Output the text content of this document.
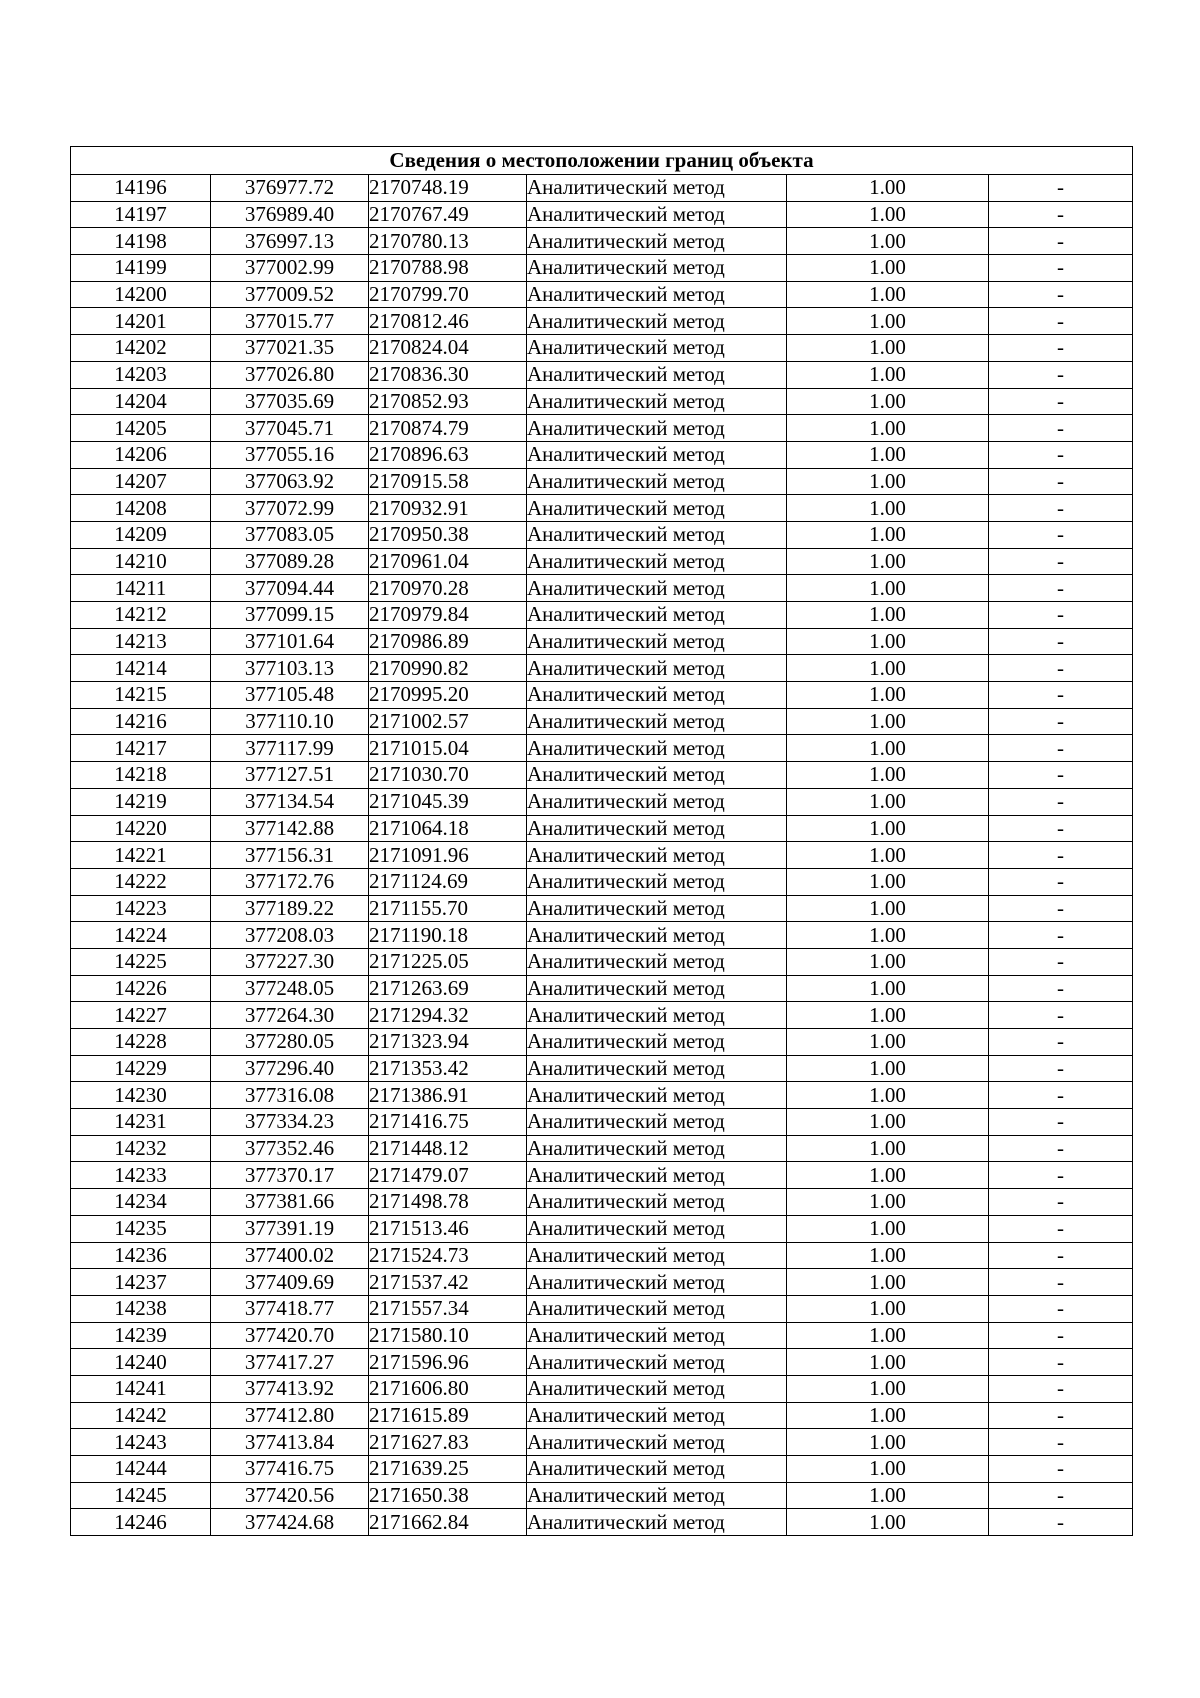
Сведения о местоположении границ объекта					
14196	376977.72	2170748.19	Аналитический метод	1.00	-
14197	376989.40	2170767.49	Аналитический метод	1.00	-
14198	376997.13	2170780.13	Аналитический метод	1.00	-
14199	377002.99	2170788.98	Аналитический метод	1.00	-
14200	377009.52	2170799.70	Аналитический метод	1.00	-
14201	377015.77	2170812.46	Аналитический метод	1.00	-
14202	377021.35	2170824.04	Аналитический метод	1.00	-
14203	377026.80	2170836.30	Аналитический метод	1.00	-
14204	377035.69	2170852.93	Аналитический метод	1.00	-
14205	377045.71	2170874.79	Аналитический метод	1.00	-
14206	377055.16	2170896.63	Аналитический метод	1.00	-
14207	377063.92	2170915.58	Аналитический метод	1.00	-
14208	377072.99	2170932.91	Аналитический метод	1.00	-
14209	377083.05	2170950.38	Аналитический метод	1.00	-
14210	377089.28	2170961.04	Аналитический метод	1.00	-
14211	377094.44	2170970.28	Аналитический метод	1.00	-
14212	377099.15	2170979.84	Аналитический метод	1.00	-
14213	377101.64	2170986.89	Аналитический метод	1.00	-
14214	377103.13	2170990.82	Аналитический метод	1.00	-
14215	377105.48	2170995.20	Аналитический метод	1.00	-
14216	377110.10	2171002.57	Аналитический метод	1.00	-
14217	377117.99	2171015.04	Аналитический метод	1.00	-
14218	377127.51	2171030.70	Аналитический метод	1.00	-
14219	377134.54	2171045.39	Аналитический метод	1.00	-
14220	377142.88	2171064.18	Аналитический метод	1.00	-
14221	377156.31	2171091.96	Аналитический метод	1.00	-
14222	377172.76	2171124.69	Аналитический метод	1.00	-
14223	377189.22	2171155.70	Аналитический метод	1.00	-
14224	377208.03	2171190.18	Аналитический метод	1.00	-
14225	377227.30	2171225.05	Аналитический метод	1.00	-
14226	377248.05	2171263.69	Аналитический метод	1.00	-
14227	377264.30	2171294.32	Аналитический метод	1.00	-
14228	377280.05	2171323.94	Аналитический метод	1.00	-
14229	377296.40	2171353.42	Аналитический метод	1.00	-
14230	377316.08	2171386.91	Аналитический метод	1.00	-
14231	377334.23	2171416.75	Аналитический метод	1.00	-
14232	377352.46	2171448.12	Аналитический метод	1.00	-
14233	377370.17	2171479.07	Аналитический метод	1.00	-
14234	377381.66	2171498.78	Аналитический метод	1.00	-
14235	377391.19	2171513.46	Аналитический метод	1.00	-
14236	377400.02	2171524.73	Аналитический метод	1.00	-
14237	377409.69	2171537.42	Аналитический метод	1.00	-
14238	377418.77	2171557.34	Аналитический метод	1.00	-
14239	377420.70	2171580.10	Аналитический метод	1.00	-
14240	377417.27	2171596.96	Аналитический метод	1.00	-
14241	377413.92	2171606.80	Аналитический метод	1.00	-
14242	377412.80	2171615.89	Аналитический метод	1.00	-
14243	377413.84	2171627.83	Аналитический метод	1.00	-
14244	377416.75	2171639.25	Аналитический метод	1.00	-
14245	377420.56	2171650.38	Аналитический метод	1.00	-
14246	377424.68	2171662.84	Аналитический метод	1.00	-
